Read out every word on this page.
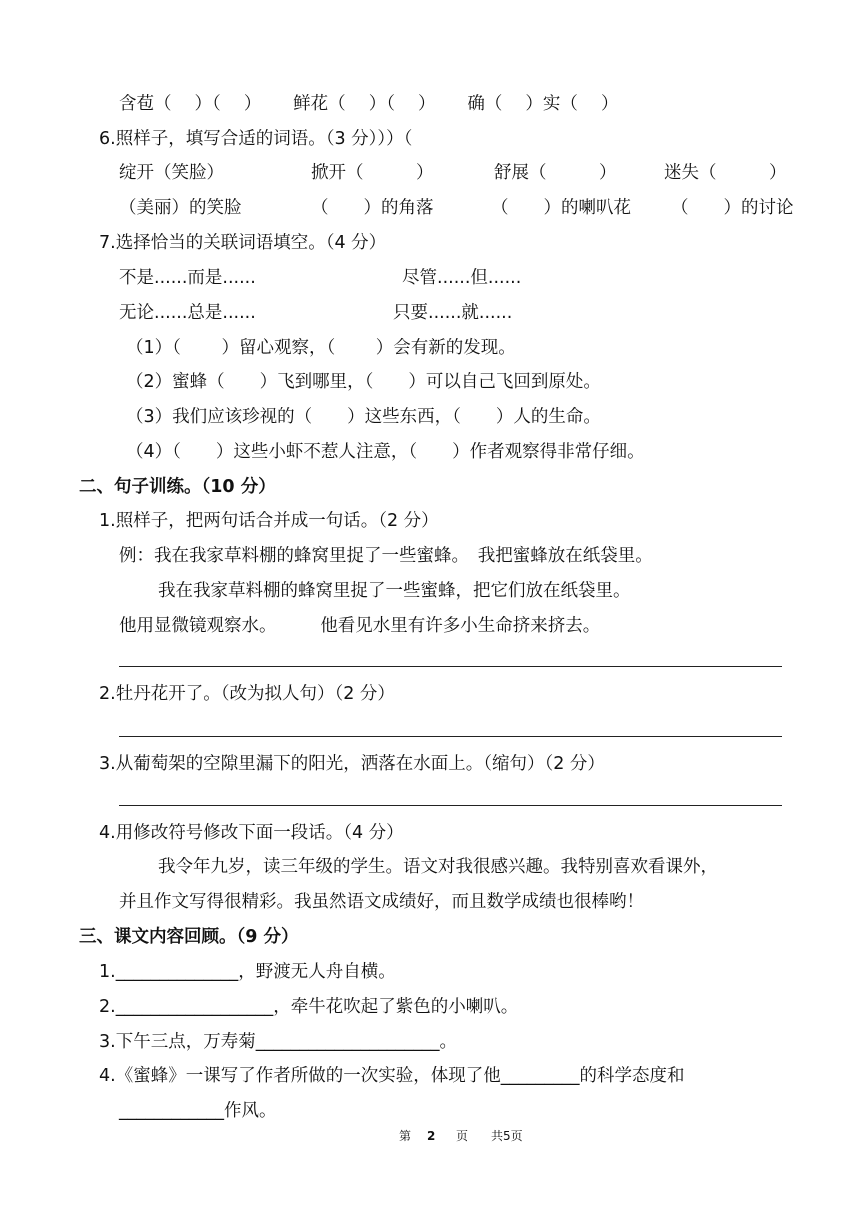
含苞（　 ）（　 ）　　 鲜花（　 ）（　 ）　　 确（　 ）实（　 ）
6.照样子，填写合适的词语。（3 分）））（
绽开（笑脸）	掀开（　　　）	舒展（　　　）	迷失（　　　）
（美丽）的笑脸	（　　）的角落	（　　）的喇叭花 （　　）的讨论
7.选择恰当的关联词语填空。（4 分）
不是......而是......	尽管......但......
无论......总是......	只要......就......
（1）（　　 ）留心观察，（　　 ）会有新的发现。
（2）蜜蜂（　　）飞到哪里，（　　）可以自己飞回到原处。
（3）我们应该珍视的（　　）这些东西，（　　）人的生命。
（4）（　　）这些小虾不惹人注意，（　　）作者观察得非常仔细。
二、句子训练。（10 分）
1.照样子，把两句话合并成一句话。（2 分）
例：我在我家草料棚的蜂窝里捉了一些蜜蜂。　我把蜜蜂放在纸袋里。
我在我家草料棚的蜂窝里捉了一些蜜蜂，把它们放在纸袋里。
他用显微镜观察水。　　　他看见水里有许多小生命挤来挤去。
2.牡丹花开了。（改为拟人句）（2 分）
3.从葡萄架的空隙里漏下的阳光，洒落在水面上。（缩句）（2 分）
4.用修改符号修改下面一段话。（4 分）
我令年九岁，读三年级的学生。语文对我很感兴趣。我特别喜欢看课外，
并且作文写得很精彩。我虽然语文成绩好，而且数学成绩也很棒哟！
三、课文内容回顾。（9 分）
1.______________，野渡无人舟自横。
2.__________________，牵牛花吹起了紫色的小喇叭。
3.下午三点，万寿菊_____________________。
4.《蜜蜂》一课写了作者所做的一次实验，体现了他_________的科学态度和
____________作风。
第 2 页 共5页
